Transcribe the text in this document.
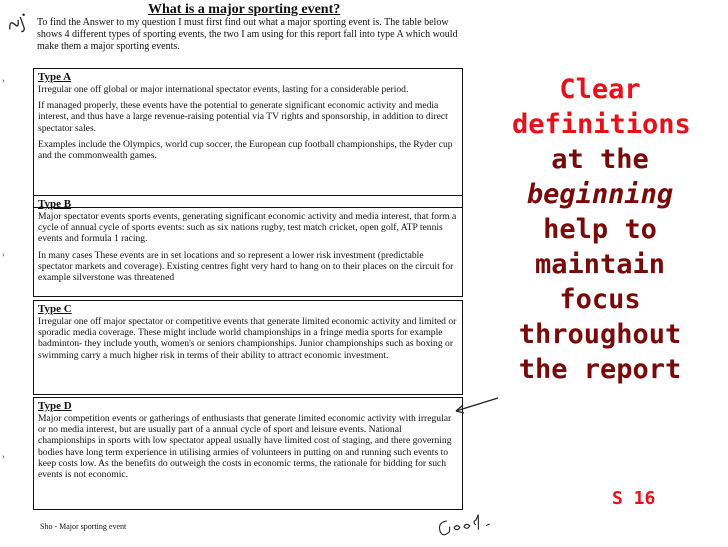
What is a major sporting event?
To find the Answer to my question I must first find out what a major sporting event is. The table below shows 4 different types of sporting events, the two I am using for this report fall into type A which would make them a major sporting events.
Type A

Irregular one off global or major international spectator events, lasting for a considerable period.

If managed properly, these events have the potential to generate significant economic activity and media interest, and thus have a large revenue-raising potential via TV rights and sponsorship, in addition to direct spectator sales.

Examples include the Olympics, world cup soccer, the European cup football championships, the Ryder cup and the commonwealth games.

Type B

Major spectator events sports events, generating significant economic activity and media interest, that form a cycle of annual cycle of sports events: such as six nations rugby, test match cricket, open golf, ATP tennis events and formula 1 racing.

In many cases These events are in set locations and so represent a lower risk investment (predictable spectator markets and coverage). Existing centres fight very hard to hang on to their places on the circuit for example silverstone was threatened

Type C

Irregular one off major spectator or competitive events that generate limited economic activity and limited or sporadic media coverage. These might include world championships in a fringe media sports for example badminton- they include youth, women's or seniors championships. Junior championships such as boxing or swimming carry a much higher risk in terms of their ability to attract economic investment.

Type D

Major competition events or gatherings of enthusiasts that generate limited economic activity with irregular or no media interest, but are usually part of a annual cycle of sport and leisure events. National championships in sports with low spectator appeal usually have limited cost of staging, and there governing bodies have long term experience in utilising armies of volunteers in putting on and running such events to keep costs low. As the benefits do outweigh the costs in economic terms, the rationale for bidding for such events is not economic.

Sho - Major sporting event
›
›
›
Clear
definitions
at the
beginning
help to
maintain
focus
throughout
the report
S 16
